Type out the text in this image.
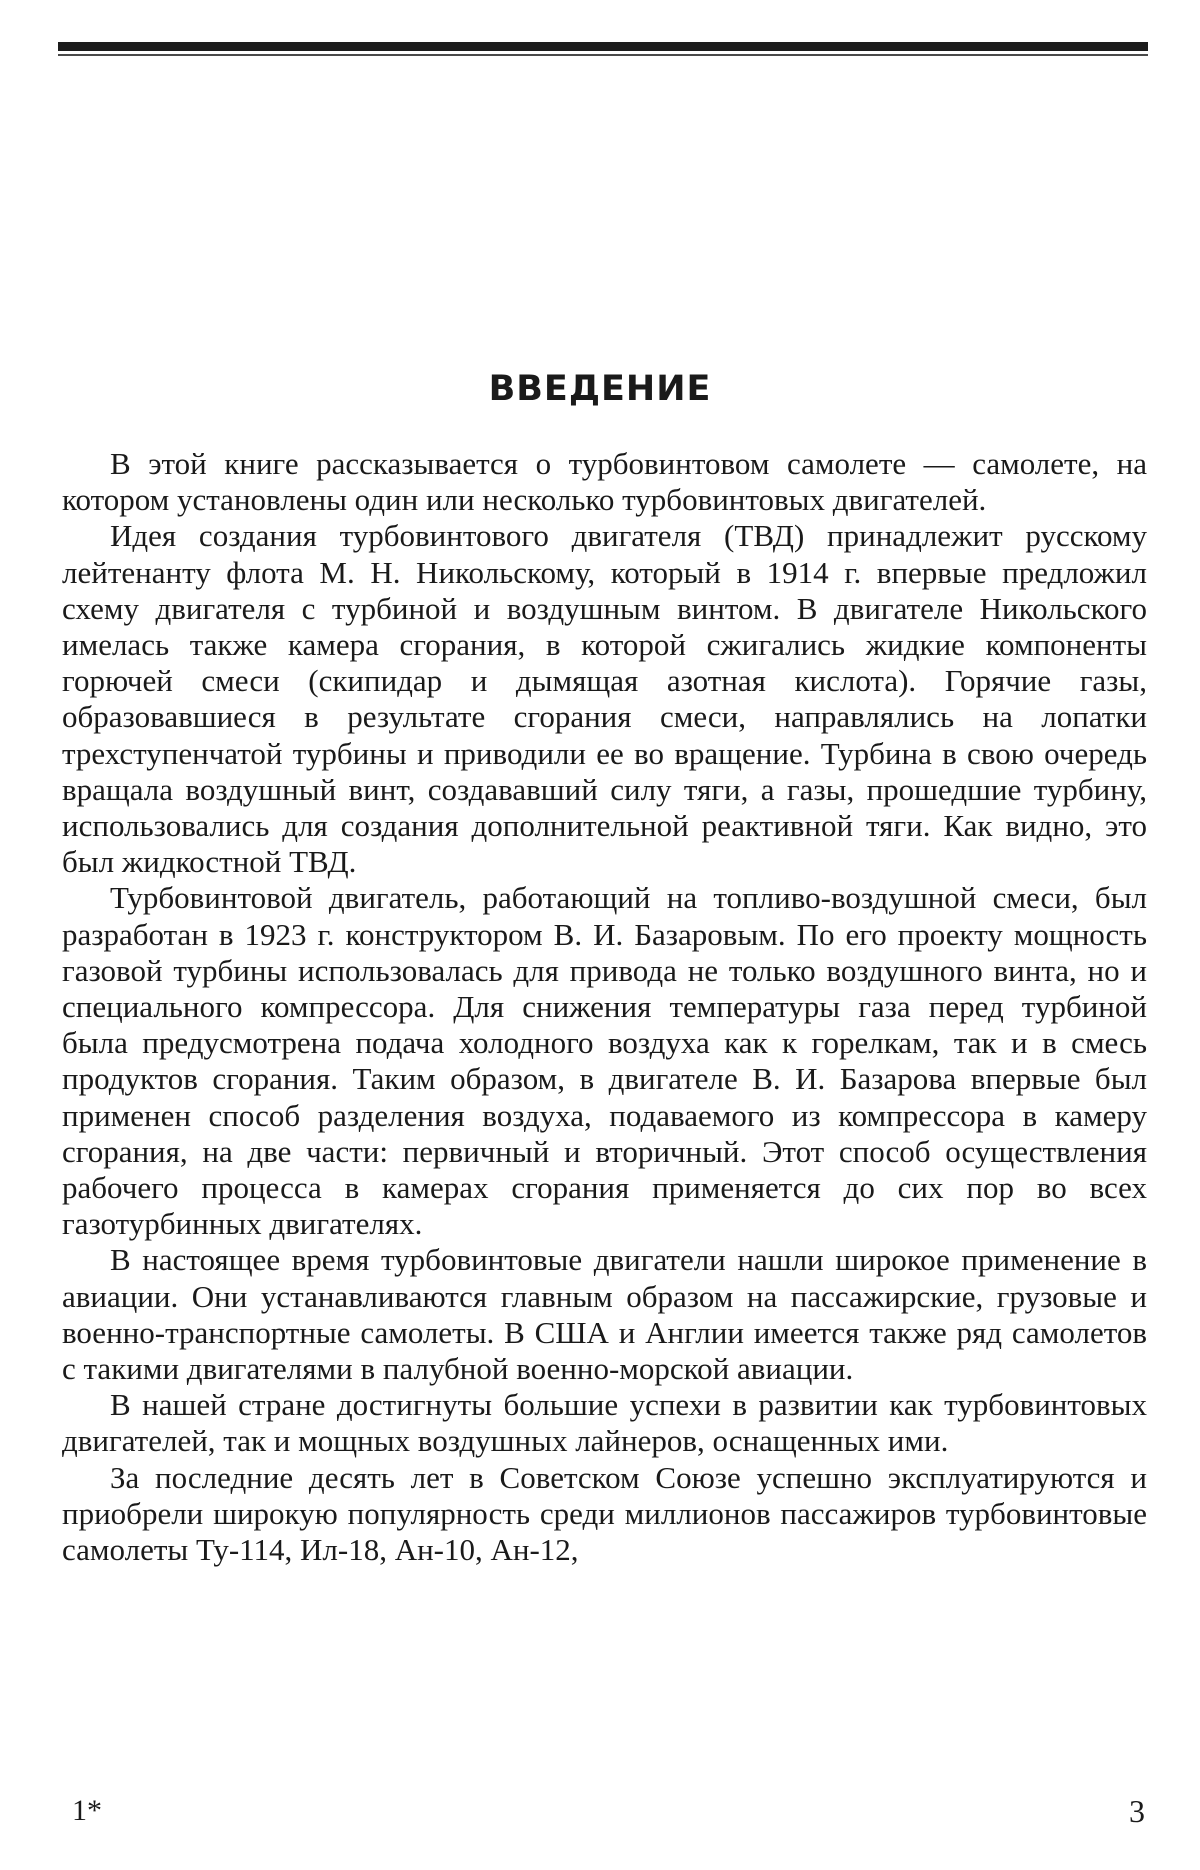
ВВЕДЕНИЕ

В этой книге рассказывается о турбовинтовом самолете — самолете, на котором установлены один или несколько турбовинтовых двигателей.

Идея создания турбовинтового двигателя (ТВД) принадлежит русскому лейтенанту флота М. Н. Никольскому, который в 1914 г. впервые предложил схему двигателя с турбиной и воздушным винтом. В двигателе Никольского имелась также камера сгорания, в которой сжигались жидкие компоненты горючей смеси (скипидар и дымящая азотная кислота). Горячие газы, образовавшиеся в результате сгорания смеси, направлялись на лопатки трехступенчатой турбины и приводили ее во вращение. Турбина в свою очередь вращала воздушный винт, создававший силу тяги, а газы, прошедшие турбину, использовались для создания дополнительной реактивной тяги. Как видно, это был жидкостной ТВД.

Турбовинтовой двигатель, работающий на топливо-воздушной смеси, был разработан в 1923 г. конструктором В. И. Базаровым. По его проекту мощность газовой турбины использовалась для привода не только воздушного винта, но и специального компрессора. Для снижения температуры газа перед турбиной была предусмотрена подача холодного воздуха как к горелкам, так и в смесь продуктов сгорания. Таким образом, в двигателе В. И. Базарова впервые был применен способ разделения воздуха, подаваемого из компрессора в камеру сгорания, на две части: первичный и вторичный. Этот способ осуществления рабочего процесса в камерах сгорания применяется до сих пор во всех газотурбинных двигателях.

В настоящее время турбовинтовые двигатели нашли широкое применение в авиации. Они устанавливаются главным образом на пассажирские, грузовые и военно-транспортные самолеты. В США и Англии имеется также ряд самолетов с такими двигателями в палубной военно-морской авиации.

В нашей стране достигнуты большие успехи в развитии как турбовинтовых двигателей, так и мощных воздушных лайнеров, оснащенных ими.

За последние десять лет в Советском Союзе успешно эксплуатируются и приобрели широкую популярность среди миллионов пассажиров турбовинтовые самолеты Ту-114, Ил-18, Ан-10, Ан-12,

1*	3
